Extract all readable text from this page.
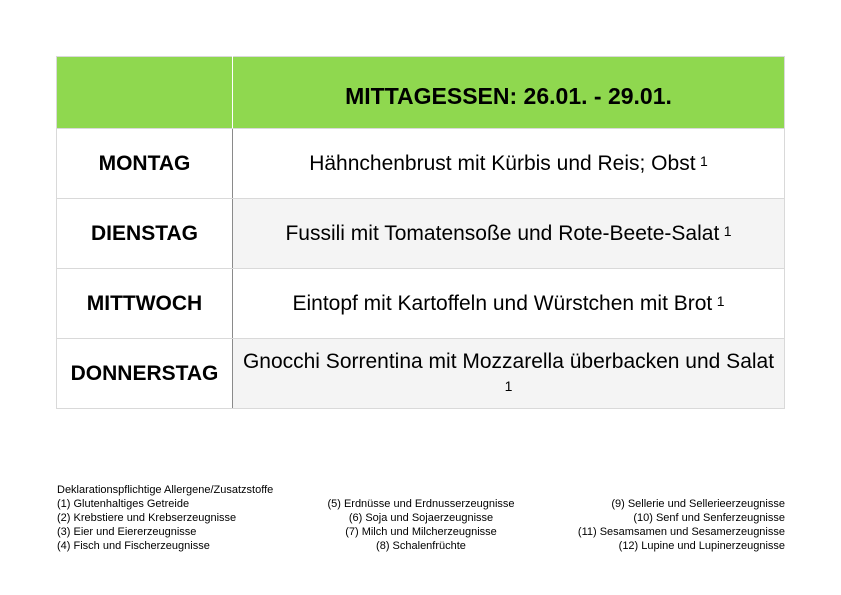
	MITTAGESSEN: 26.01. - 29.01.
MONTAG	Hähnchenbrust mit Kürbis und Reis; Obst 1
DIENSTAG	Fussili mit Tomatensoße und Rote-Beete-Salat 1
MITTWOCH	Eintopf mit Kartoffeln und Würstchen mit Brot 1
DONNERSTAG	Gnocchi Sorrentina mit Mozzarella überbacken und Salat 1
Deklarationspflichtige Allergene/Zusatzstoffe
(1) Glutenhaltiges Getreide
(2) Krebstiere und Krebserzeugnisse
(3) Eier und Eiererzeugnisse
(4) Fisch und Fischerzeugnisse
(5) Erdnüsse und Erdnusserzeugnisse
(6) Soja und Sojaerzeugnisse
(7) Milch und Milcherzeugnisse
(8) Schalenfrüchte
(9) Sellerie und Sellerieerzeugnisse
(10) Senf und Senferzeugnisse
(11) Sesamsamen und Sesamerzeugnisse
(12) Lupine und Lupinerzeugnisse
